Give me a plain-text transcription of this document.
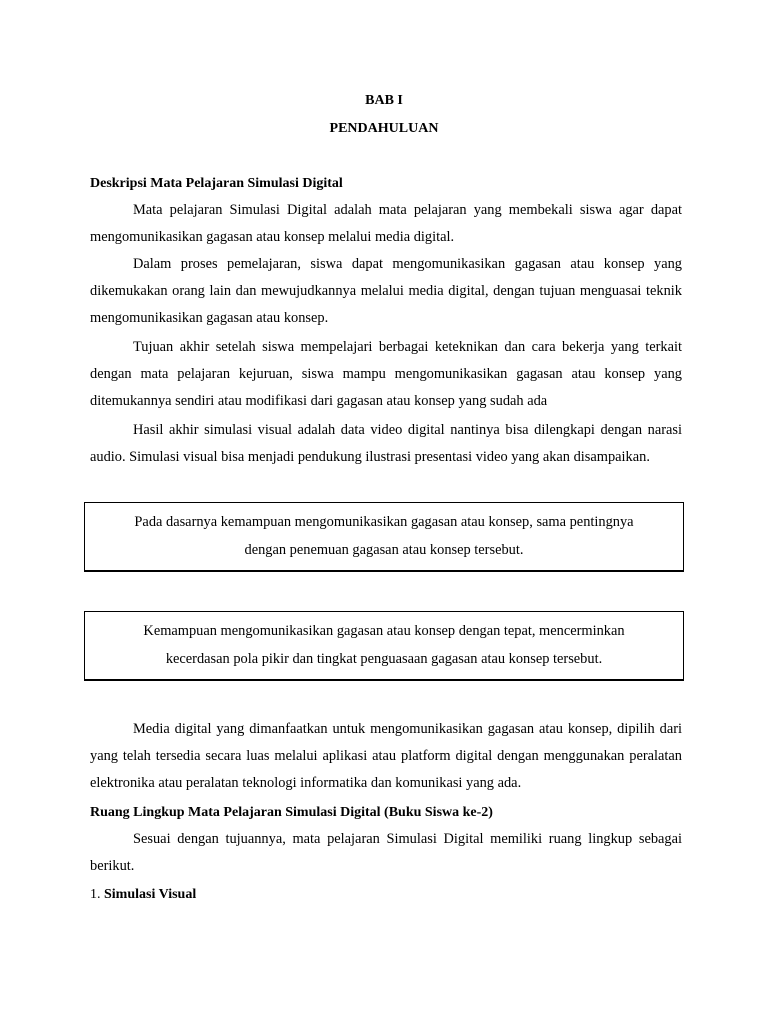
BAB I
PENDAHULUAN
Deskripsi Mata Pelajaran Simulasi Digital

Mata pelajaran Simulasi Digital adalah mata pelajaran yang membekali siswa agar dapat mengomunikasikan gagasan atau konsep melalui media digital.

Dalam proses pemelajaran, siswa dapat mengomunikasikan gagasan atau konsep yang dikemukakan orang lain dan mewujudkannya melalui media digital, dengan tujuan menguasai teknik mengomunikasikan gagasan atau konsep.

Tujuan akhir setelah siswa mempelajari berbagai keteknikan dan cara bekerja yang terkait dengan mata pelajaran kejuruan, siswa mampu mengomunikasikan gagasan atau konsep yang ditemukannya sendiri atau modifikasi dari gagasan atau konsep yang sudah ada

Hasil akhir simulasi visual adalah data video digital nantinya bisa dilengkapi dengan narasi audio. Simulasi visual bisa menjadi pendukung ilustrasi presentasi video yang akan disampaikan.

Pada dasarnya kemampuan mengomunikasikan gagasan atau konsep, sama pentingnya
dengan penemuan gagasan atau konsep tersebut.
Kemampuan mengomunikasikan gagasan atau konsep dengan tepat, mencerminkan
kecerdasan pola pikir dan tingkat penguasaan gagasan atau konsep tersebut.

Media digital yang dimanfaatkan untuk mengomunikasikan gagasan atau konsep, dipilih dari yang telah tersedia secara luas melalui aplikasi atau platform digital dengan menggunakan peralatan elektronika atau peralatan teknologi informatika dan komunikasi yang ada.

Ruang Lingkup Mata Pelajaran Simulasi Digital (Buku Siswa ke-2)

Sesuai dengan tujuannya, mata pelajaran Simulasi Digital memiliki ruang lingkup sebagai berikut.

1. Simulasi Visual
